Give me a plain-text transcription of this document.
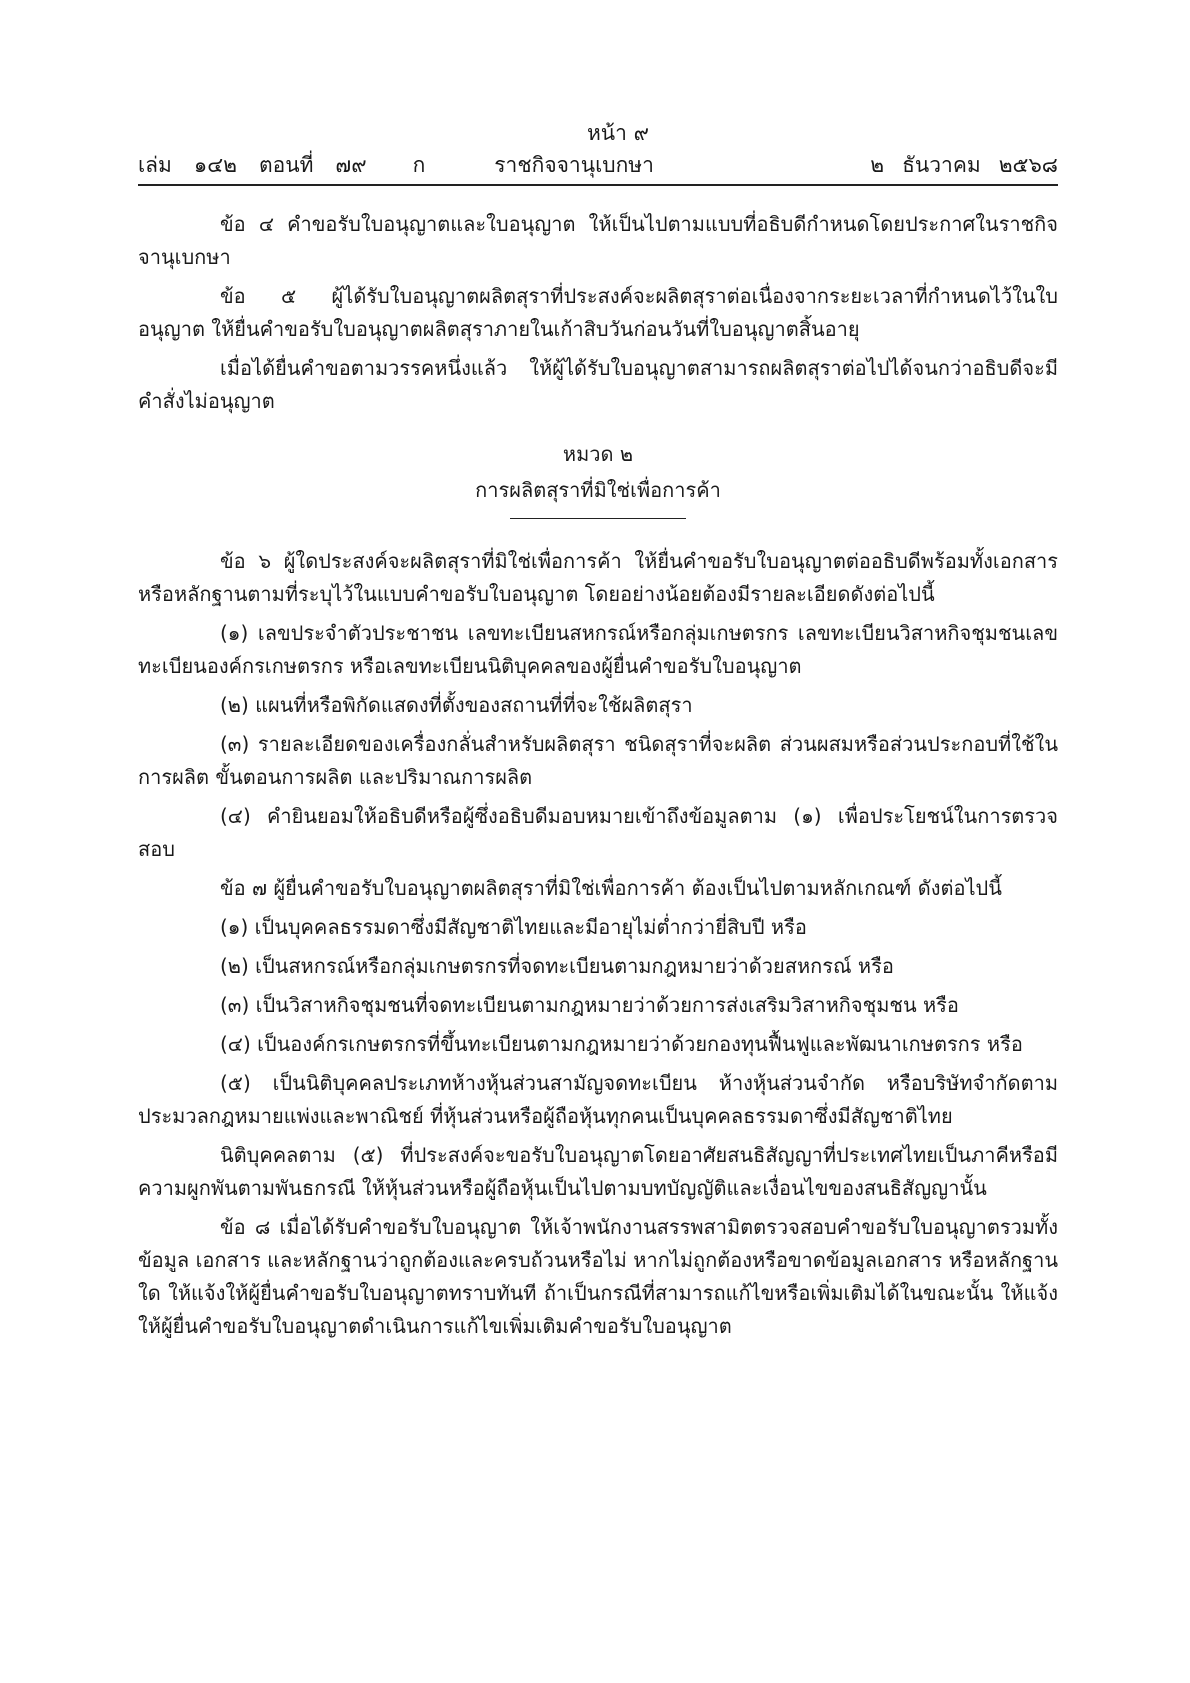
หน้า ๙
เล่ม ๑๔๒ ตอนที่ ๗๙ ก	ราชกิจจานุเบกษา	๒ ธันวาคม ๒๕๖๘

ข้อ ๔ คำขอรับใบอนุญาตและใบอนุญาต ให้เป็นไปตามแบบที่อธิบดีกำหนดโดยประกาศในราชกิจจานุเบกษา

ข้อ ๕ ผู้ได้รับใบอนุญาตผลิตสุราที่ประสงค์จะผลิตสุราต่อเนื่องจากระยะเวลาที่กำหนดไว้ในใบอนุญาต ให้ยื่นคำขอรับใบอนุญาตผลิตสุราภายในเก้าสิบวันก่อนวันที่ใบอนุญาตสิ้นอายุ

เมื่อได้ยื่นคำขอตามวรรคหนึ่งแล้ว ให้ผู้ได้รับใบอนุญาตสามารถผลิตสุราต่อไปได้จนกว่าอธิบดีจะมีคำสั่งไม่อนุญาต

หมวด ๒
การผลิตสุราที่มิใช่เพื่อการค้า

ข้อ ๖ ผู้ใดประสงค์จะผลิตสุราที่มิใช่เพื่อการค้า ให้ยื่นคำขอรับใบอนุญาตต่ออธิบดีพร้อมทั้งเอกสารหรือหลักฐานตามที่ระบุไว้ในแบบคำขอรับใบอนุญาต โดยอย่างน้อยต้องมีรายละเอียดดังต่อไปนี้

(๑) เลขประจำตัวประชาชน เลขทะเบียนสหกรณ์หรือกลุ่มเกษตรกร เลขทะเบียนวิสาหกิจชุมชนเลขทะเบียนองค์กรเกษตรกร หรือเลขทะเบียนนิติบุคคลของผู้ยื่นคำขอรับใบอนุญาต

(๒) แผนที่หรือพิกัดแสดงที่ตั้งของสถานที่ที่จะใช้ผลิตสุรา

(๓) รายละเอียดของเครื่องกลั่นสำหรับผลิตสุรา ชนิดสุราที่จะผลิต ส่วนผสมหรือส่วนประกอบที่ใช้ในการผลิต ขั้นตอนการผลิต และปริมาณการผลิต

(๔) คำยินยอมให้อธิบดีหรือผู้ซึ่งอธิบดีมอบหมายเข้าถึงข้อมูลตาม (๑) เพื่อประโยชน์ในการตรวจสอบ

ข้อ ๗ ผู้ยื่นคำขอรับใบอนุญาตผลิตสุราที่มิใช่เพื่อการค้า ต้องเป็นไปตามหลักเกณฑ์ ดังต่อไปนี้

(๑) เป็นบุคคลธรรมดาซึ่งมีสัญชาติไทยและมีอายุไม่ต่ำกว่ายี่สิบปี หรือ

(๒) เป็นสหกรณ์หรือกลุ่มเกษตรกรที่จดทะเบียนตามกฎหมายว่าด้วยสหกรณ์ หรือ

(๓) เป็นวิสาหกิจชุมชนที่จดทะเบียนตามกฎหมายว่าด้วยการส่งเสริมวิสาหกิจชุมชน หรือ

(๔) เป็นองค์กรเกษตรกรที่ขึ้นทะเบียนตามกฎหมายว่าด้วยกองทุนฟื้นฟูและพัฒนาเกษตรกร หรือ

(๕) เป็นนิติบุคคลประเภทห้างหุ้นส่วนสามัญจดทะเบียน ห้างหุ้นส่วนจำกัด หรือบริษัทจำกัดตามประมวลกฎหมายแพ่งและพาณิชย์ ที่หุ้นส่วนหรือผู้ถือหุ้นทุกคนเป็นบุคคลธรรมดาซึ่งมีสัญชาติไทย

นิติบุคคลตาม (๕) ที่ประสงค์จะขอรับใบอนุญาตโดยอาศัยสนธิสัญญาที่ประเทศไทยเป็นภาคีหรือมีความผูกพันตามพันธกรณี ให้หุ้นส่วนหรือผู้ถือหุ้นเป็นไปตามบทบัญญัติและเงื่อนไขของสนธิสัญญานั้น

ข้อ ๘ เมื่อได้รับคำขอรับใบอนุญาต ให้เจ้าพนักงานสรรพสามิตตรวจสอบคำขอรับใบอนุญาตรวมทั้งข้อมูล เอกสาร และหลักฐานว่าถูกต้องและครบถ้วนหรือไม่ หากไม่ถูกต้องหรือขาดข้อมูลเอกสาร หรือหลักฐานใด ให้แจ้งให้ผู้ยื่นคำขอรับใบอนุญาตทราบทันที ถ้าเป็นกรณีที่สามารถแก้ไขหรือเพิ่มเติมได้ในขณะนั้น ให้แจ้งให้ผู้ยื่นคำขอรับใบอนุญาตดำเนินการแก้ไขเพิ่มเติมคำขอรับใบอนุญาต
